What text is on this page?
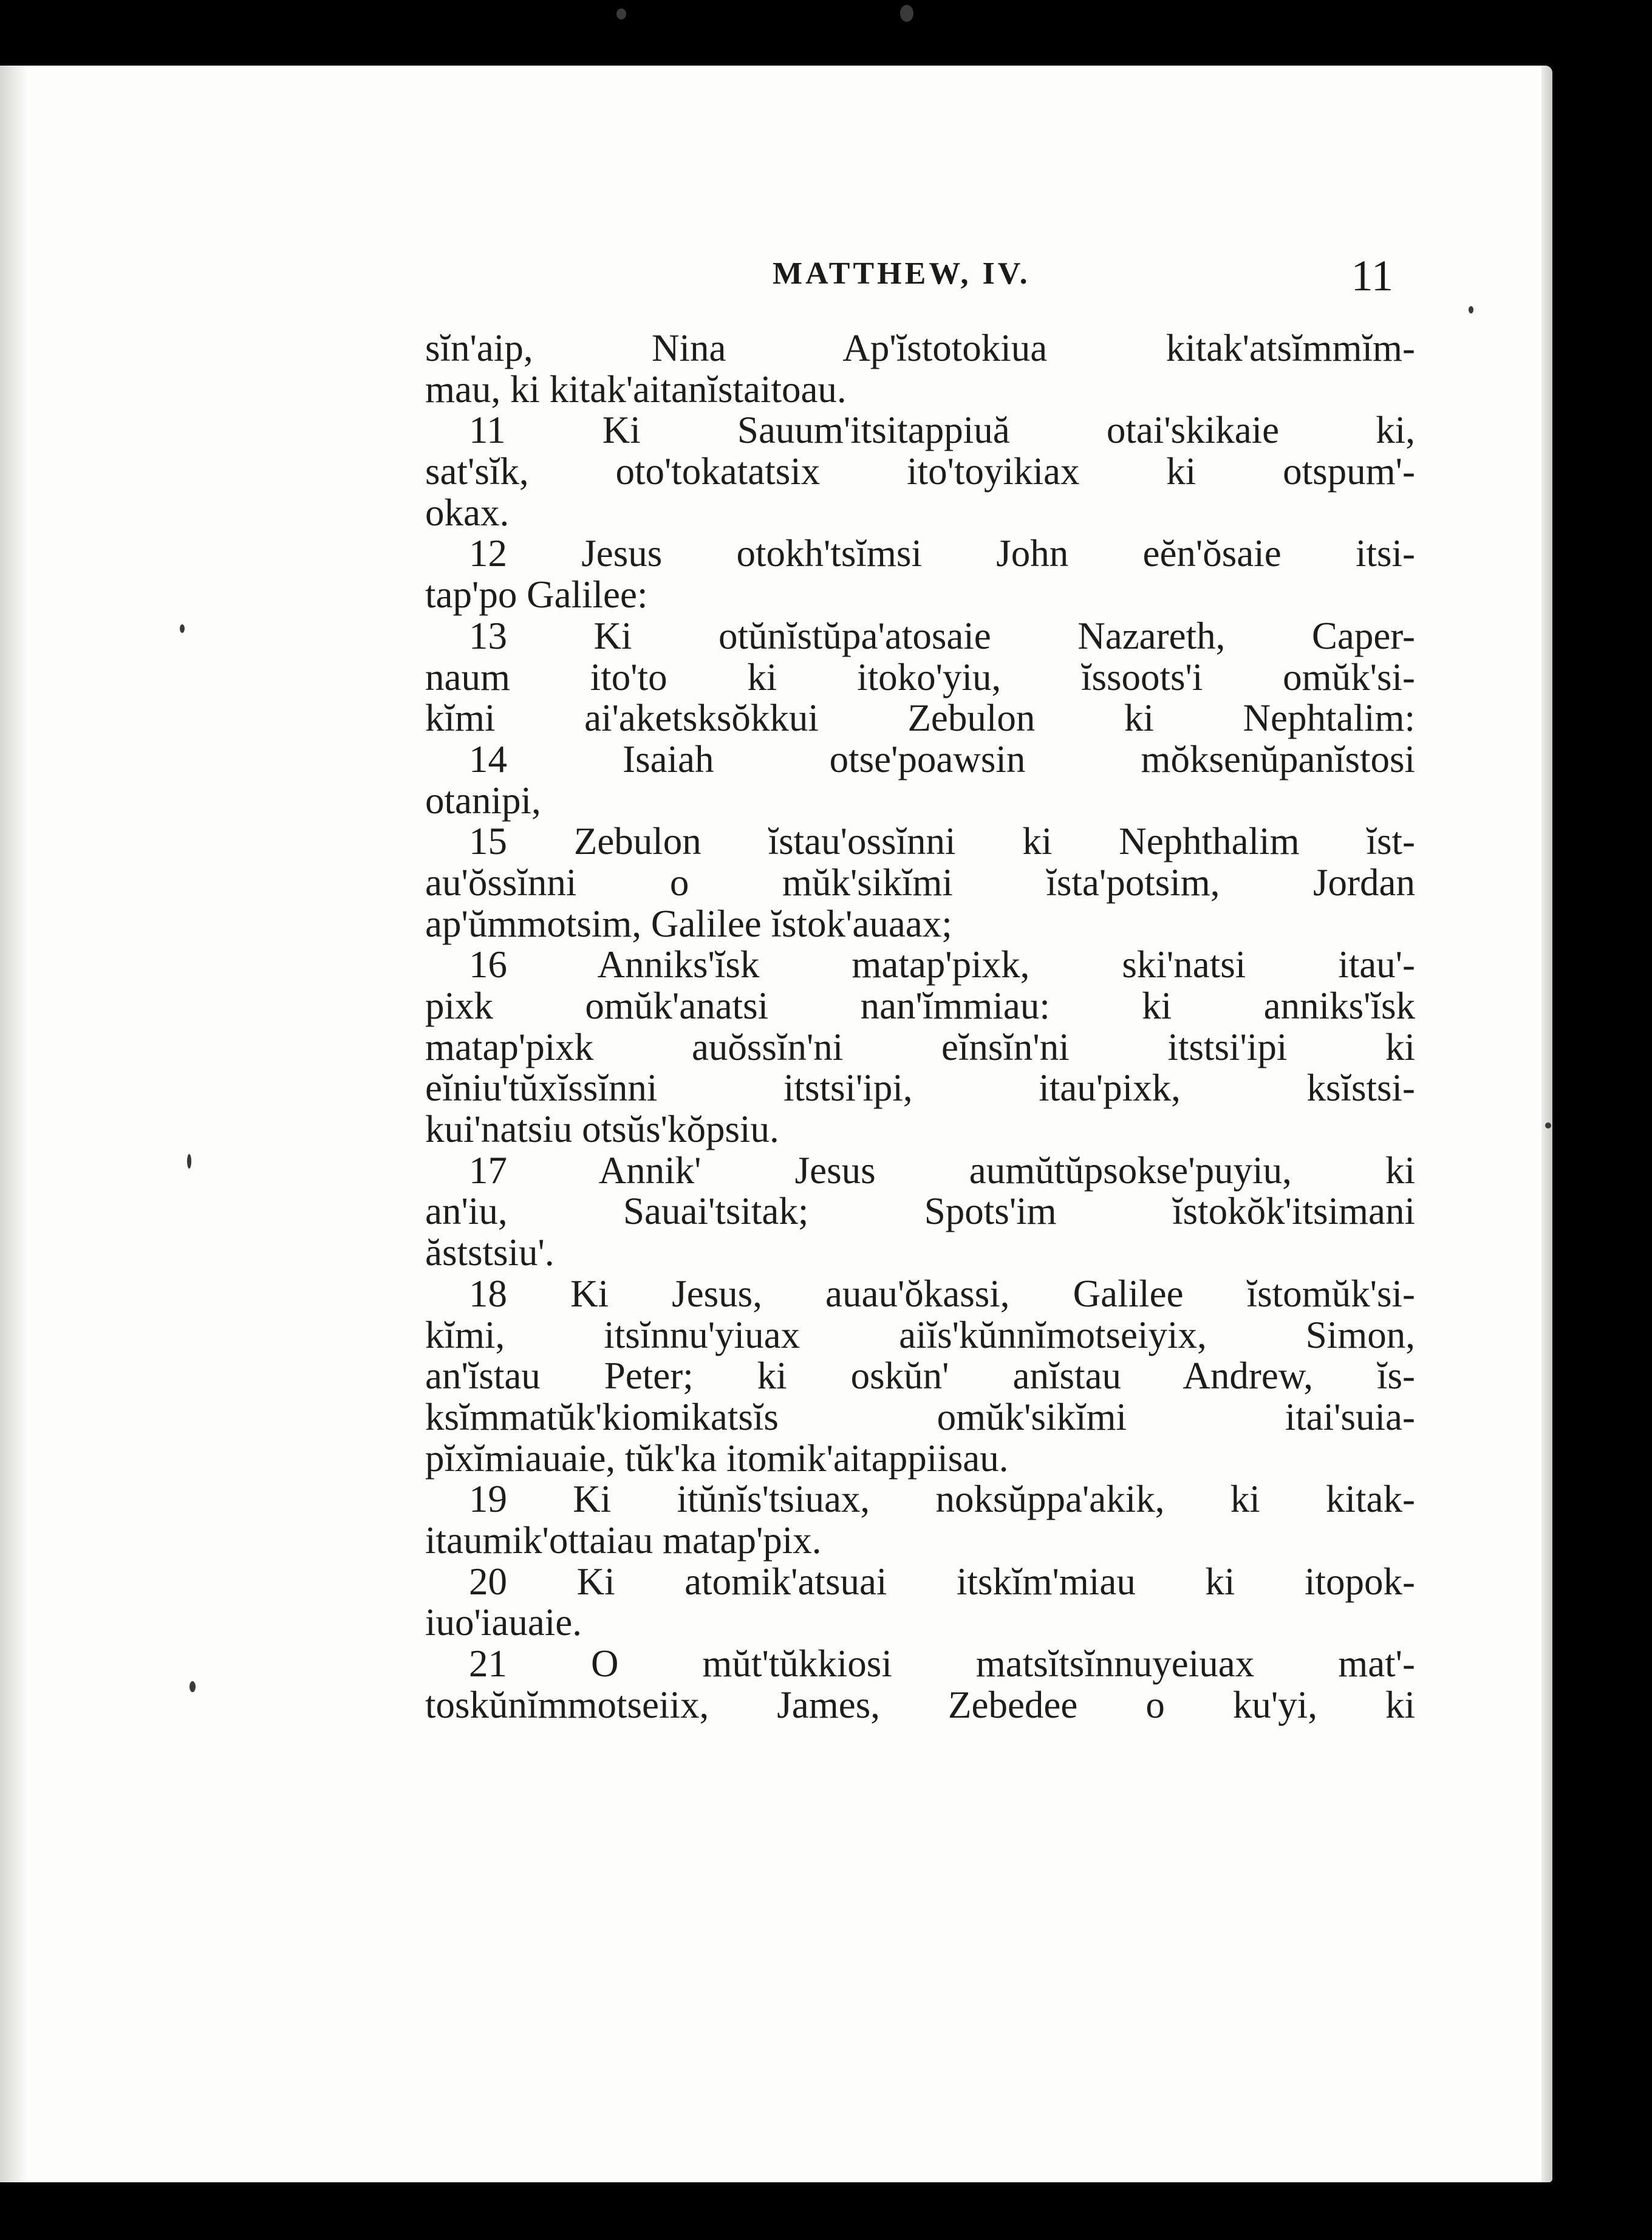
MATTHEW, IV.	11
sĭn'aip, Nina Ap'ĭstotokiua kitak'atsĭmmĭm-
mau, ki kitak'aitanĭstaitoau.
11 Ki Sauum'itsitappiuă otai'skikaie ki,
sat'sĭk, oto'tokatatsix ito'toyikiax ki otspum'-
okax.
12 Jesus otokh'tsĭmsi John eĕn'ŏsaie itsi-
tap'po Galilee:
13 Ki otŭnĭstŭpa'atosaie Nazareth, Caper-
naum ito'to ki itoko'yiu, ĭssoots'i omŭk'si-
kĭmi ai'aketsksŏkkui Zebulon ki Nephtalim:
14 Isaiah otse'poawsin mŏksenŭpanĭstosi
otanipi,
15 Zebulon ĭstau'ossĭnni ki Nephthalim ĭst-
au'ŏssĭnni o mŭk'sikĭmi ĭsta'potsim, Jordan
ap'ŭmmotsim, Galilee ĭstok'auaax;
16 Anniks'ĭsk matap'pixk, ski'natsi itau'-
pixk omŭk'anatsi nan'ĭmmiau: ki anniks'ĭsk
matap'pixk auŏssĭn'ni eĭnsĭn'ni itstsi'ipi ki
eĭniu'tŭxĭssĭnni itstsi'ipi, itau'pixk, ksĭstsi-
kui'natsiu otsŭs'kŏpsiu.
17 Annik' Jesus aumŭtŭpsokse'puyiu, ki
an'iu, Sauai'tsitak; Spots'im ĭstokŏk'itsimani
ăststsiu'.
18 Ki Jesus, auau'ŏkassi, Galilee ĭstomŭk'si-
kĭmi, itsĭnnu'yiuax aiĭs'kŭnnĭmotseiyix, Simon,
an'ĭstau Peter; ki oskŭn' anĭstau Andrew, ĭs-
ksĭmmatŭk'kiomikatsĭs omŭk'sikĭmi itai'suia-
pĭxĭmiauaie, tŭk'ka itomik'aitappiisau.
19 Ki itŭnĭs'tsiuax, noksŭppa'akik, ki kitak-
itaumik'ottaiau matap'pix.
20 Ki atomik'atsuai itskĭm'miau ki itopok-
iuo'iauaie.
21 O mŭt'tŭkkiosi matsĭtsĭnnuyeiuax mat'-
toskŭnĭmmotseiix, James, Zebedee o ku'yi, ki
